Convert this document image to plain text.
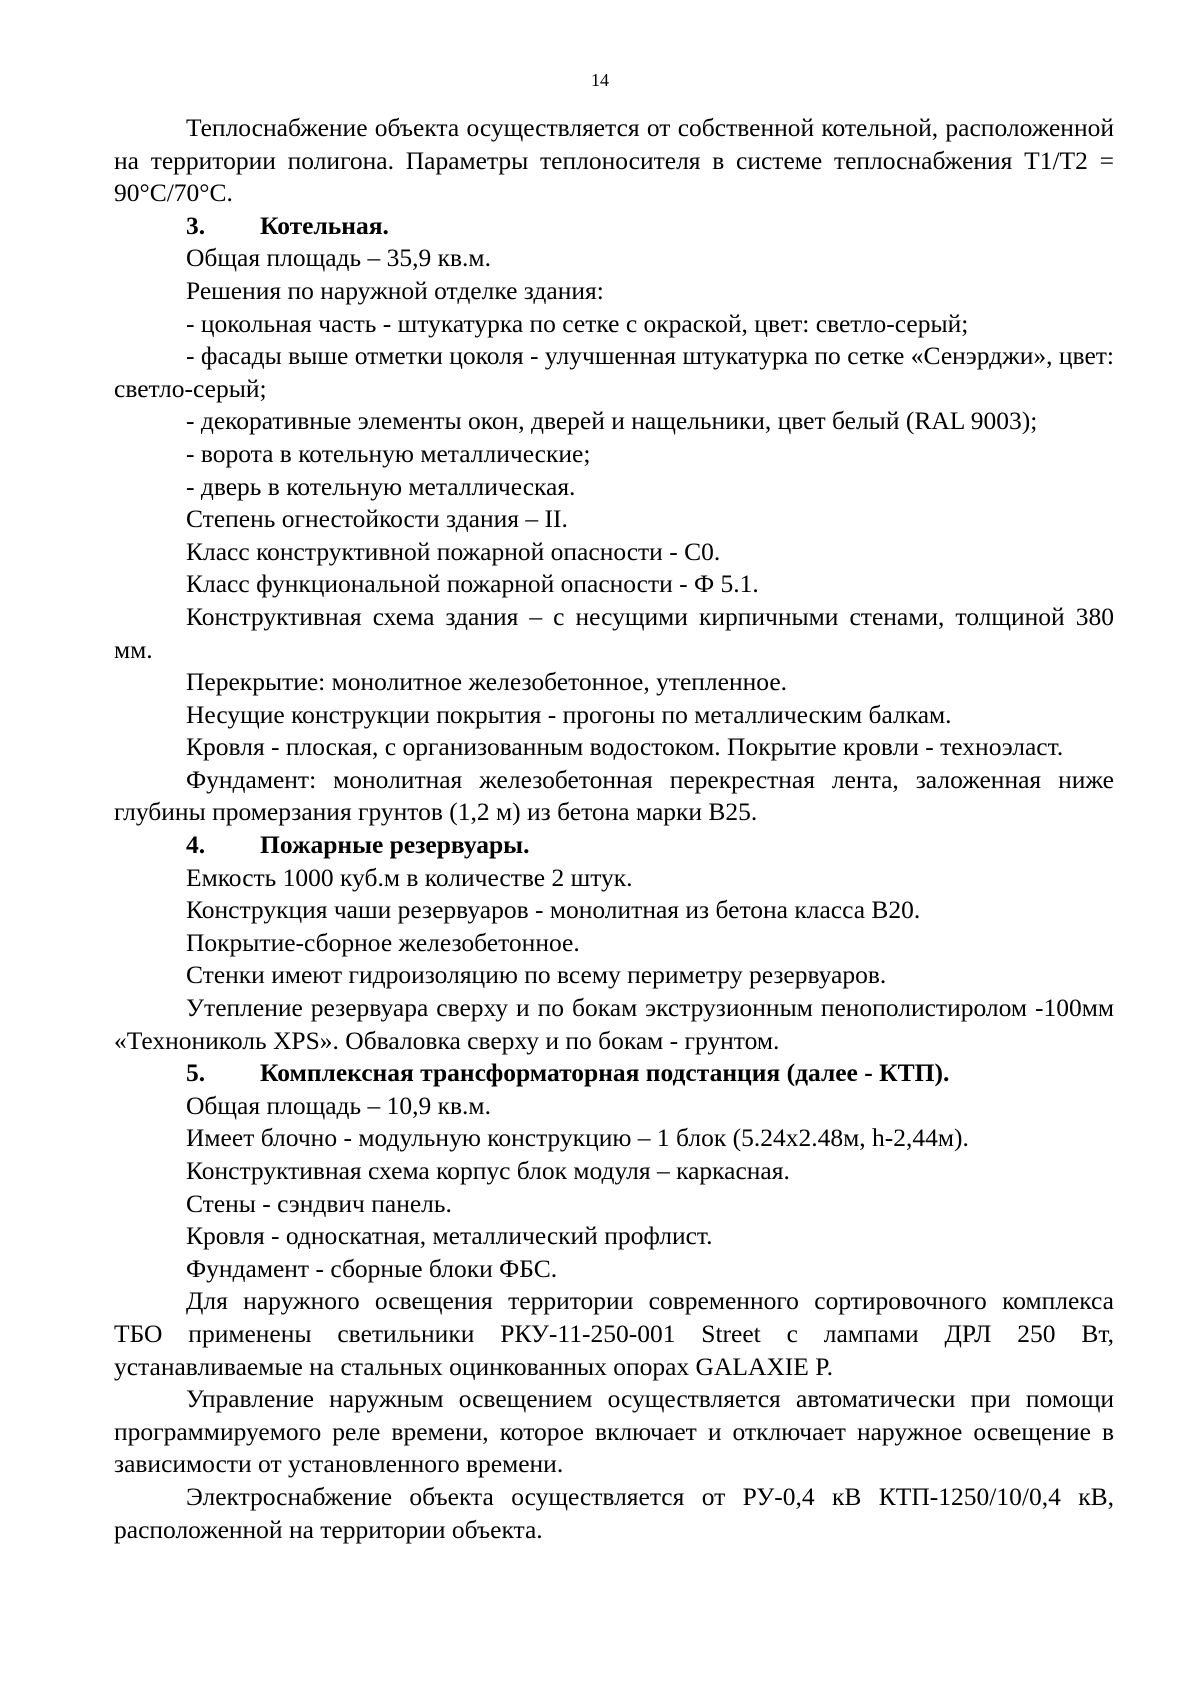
14

Теплоснабжение объекта осуществляется от собственной котельной, расположенной на территории полигона. Параметры теплоносителя в системе теплоснабжения Т1/Т2 = 90°С/70°С.

3. Котельная.

Общая площадь – 35,9 кв.м.

Решения по наружной отделке здания:

- цокольная часть - штукатурка по сетке с окраской, цвет: светло-серый;

- фасады выше отметки цоколя - улучшенная штукатурка по сетке «Сенэрджи», цвет: светло-серый;

- декоративные элементы окон, дверей и нащельники, цвет белый (RAL 9003);

- ворота в котельную металлические;

- дверь в котельную металлическая.

Степень огнестойкости здания – II.

Класс конструктивной пожарной опасности - С0.

Класс функциональной пожарной опасности - Ф 5.1.

Конструктивная схема здания – с несущими кирпичными стенами, толщиной 380 мм.

Перекрытие: монолитное железобетонное, утепленное.

Несущие конструкции покрытия - прогоны по металлическим балкам.

Кровля - плоская, с организованным водостоком. Покрытие кровли - техноэласт.

Фундамент: монолитная железобетонная перекрестная лента, заложенная ниже глубины промерзания грунтов (1,2 м) из бетона марки В25.

4. Пожарные резервуары.

Емкость 1000 куб.м в количестве 2 штук.

Конструкция чаши резервуаров - монолитная из бетона класса В20.

Покрытие-сборное железобетонное.

Стенки имеют гидроизоляцию по всему периметру резервуаров.

Утепление резервуара сверху и по бокам экструзионным пенополистиролом -100мм «Технониколь XPS». Обваловка сверху и по бокам - грунтом.

5. Комплексная трансформаторная подстанция (далее - КТП).

Общая площадь – 10,9 кв.м.

Имеет блочно - модульную конструкцию – 1 блок (5.24х2.48м, h-2,44м).

Конструктивная схема корпус блок модуля – каркасная.

Стены - сэндвич панель.

Кровля - односкатная, металлический профлист.

Фундамент - сборные блоки ФБС.

Для наружного освещения территории современного сортировочного комплекса ТБО применены светильники РКУ-11-250-001 Street с лампами ДРЛ 250 Вт, устанавливаемые на стальных оцинкованных опорах GALAXIE P.

Управление наружным освещением осуществляется автоматически при помощи программируемого реле времени, которое включает и отключает наружное освещение в зависимости от установленного времени.

Электроснабжение объекта осуществляется от РУ-0,4 кВ КТП-1250/10/0,4 кВ, расположенной на территории объекта.
